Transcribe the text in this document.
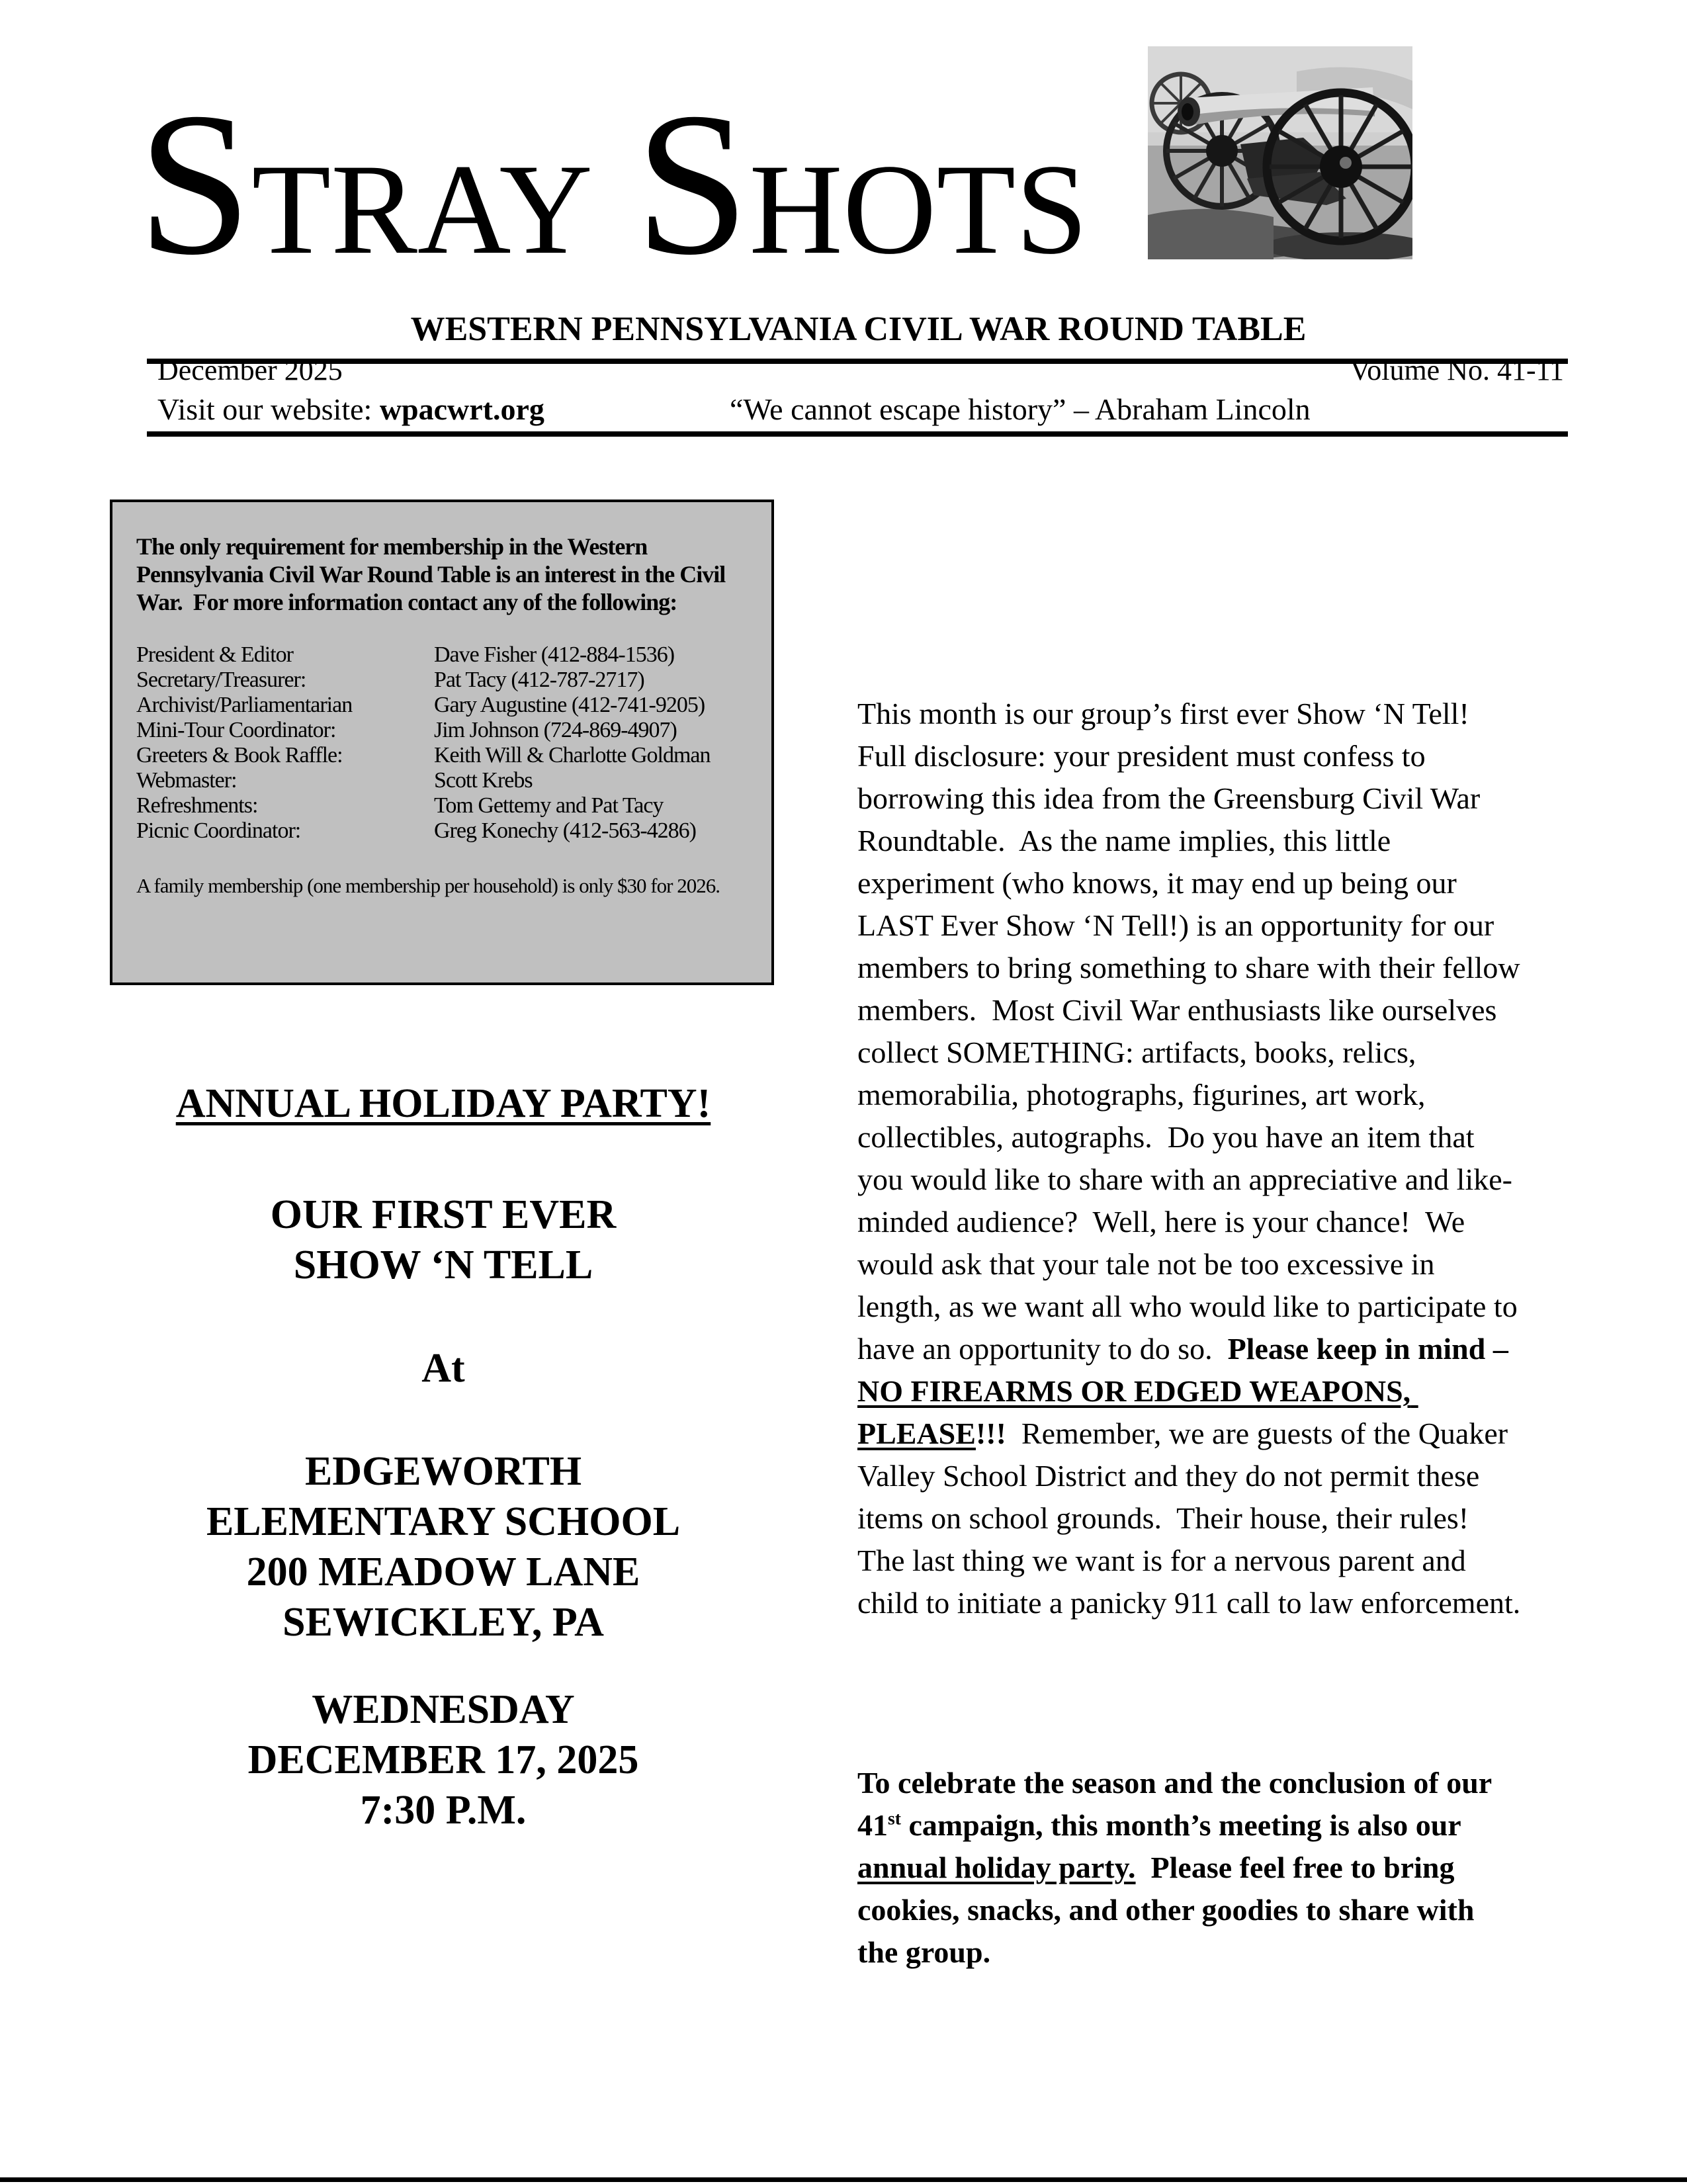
STRAY SHOTS
WESTERN PENNSYLVANIA CIVIL WAR ROUND TABLE
December 2025	Volume No. 41-11
Visit our website: wpacwrt.org	“We cannot escape history” – Abraham Lincoln
The only requirement for membership in the Western Pennsylvania Civil War Round Table is an interest in the Civil War.  For more information contact any of the following:
President & Editor	Dave Fisher (412-884-1536)
Secretary/Treasurer:	Pat Tacy (412-787-2717)
Archivist/Parliamentarian	Gary Augustine (412-741-9205)
Mini-Tour Coordinator:	Jim Johnson (724-869-4907)
Greeters & Book Raffle:	Keith Will & Charlotte Goldman
Webmaster:	Scott Krebs
Refreshments:	Tom Gettemy and Pat Tacy
Picnic Coordinator:	Greg Konechy (412-563-4286)
A family membership (one membership per household) is only $30 for 2026.
ANNUAL HOLIDAY PARTY!
OUR FIRST EVER
SHOW ‘N TELL
At
EDGEWORTH
ELEMENTARY SCHOOL
200 MEADOW LANE
SEWICKLEY, PA
WEDNESDAY
DECEMBER 17, 2025
7:30 P.M.

This month is our group’s first ever Show ‘N Tell!  Full disclosure: your president must confess to borrowing this idea from the Greensburg Civil War Roundtable.  As the name implies, this little experiment (who knows, it may end up being our LAST Ever Show ‘N Tell!) is an opportunity for our members to bring something to share with their fellow members.  Most Civil War enthusiasts like ourselves collect SOMETHING: artifacts, books, relics, memorabilia, photographs, figurines, art work, collectibles, autographs.  Do you have an item that you would like to share with an appreciative and like-minded audience?  Well, here is your chance!  We would ask that your tale not be too excessive in length, as we want all who would like to participate to have an opportunity to do so.  Please keep in mind – NO FIREARMS OR EDGED WEAPONS, PLEASE!!!  Remember, we are guests of the Quaker Valley School District and they do not permit these items on school grounds.  Their house, their rules!  The last thing we want is for a nervous parent and child to initiate a panicky 911 call to law enforcement.

To celebrate the season and the conclusion of our 41st campaign, this month’s meeting is also our annual holiday party.  Please feel free to bring cookies, snacks, and other goodies to share with the group.
